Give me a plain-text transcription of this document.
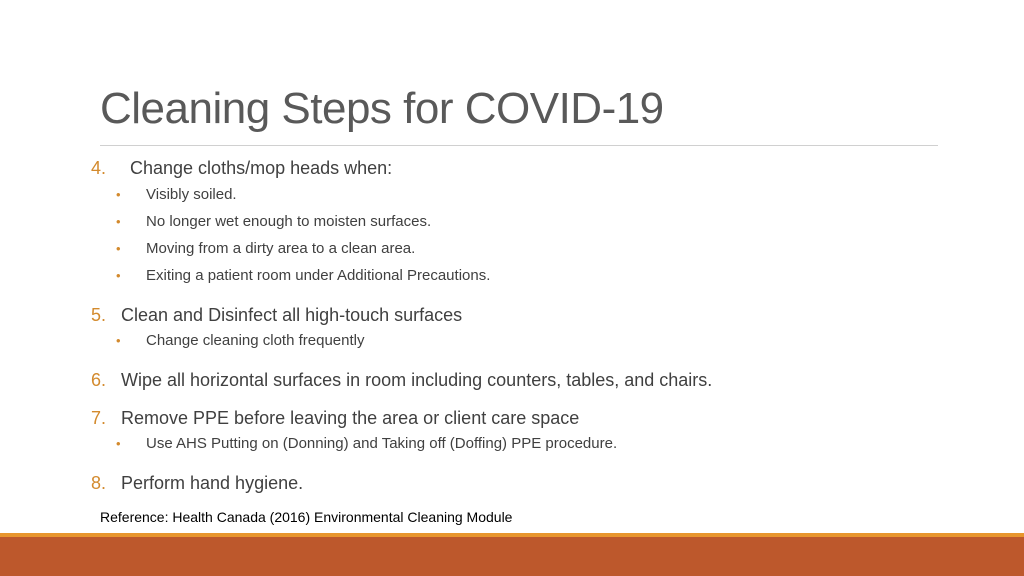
Cleaning Steps for COVID-19
4. Change cloths/mop heads when:
• Visibly soiled.
• No longer wet enough to moisten surfaces.
• Moving from a dirty area to a clean area.
• Exiting a patient room under Additional Precautions.
5. Clean and Disinfect all high-touch surfaces
• Change cleaning cloth frequently
6. Wipe all horizontal surfaces in room including counters, tables, and chairs.
7. Remove PPE before leaving the area or client care space
• Use AHS Putting on (Donning) and Taking off (Doffing) PPE procedure.
8. Perform hand hygiene.
Reference: Health Canada (2016) Environmental Cleaning Module
